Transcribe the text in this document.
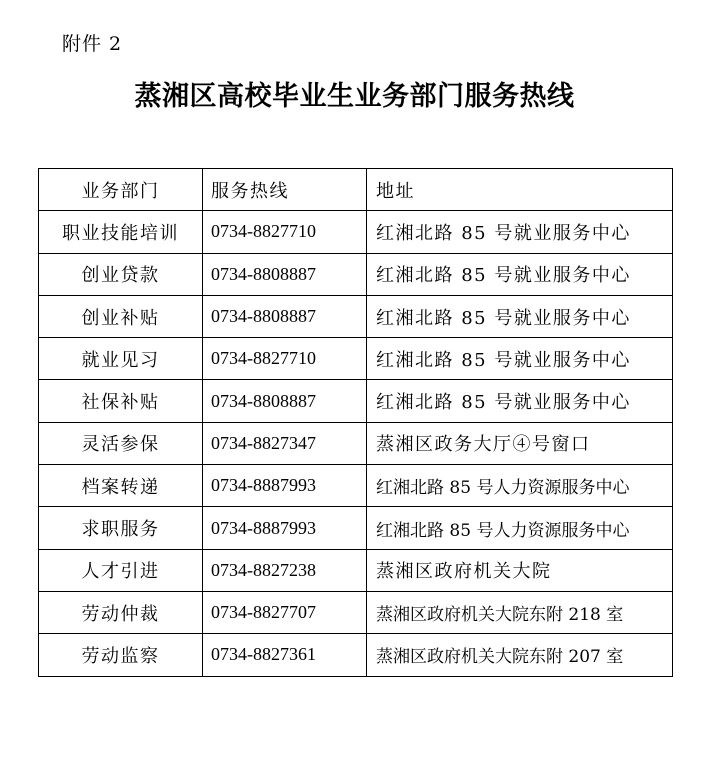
附件 2
蒸湘区高校毕业生业务部门服务热线
业务部门	服务热线	地址
职业技能培训	0734-8827710	红湘北路 85 号就业服务中心
创业贷款	0734-8808887	红湘北路 85 号就业服务中心
创业补贴	0734-8808887	红湘北路 85 号就业服务中心
就业见习	0734-8827710	红湘北路 85 号就业服务中心
社保补贴	0734-8808887	红湘北路 85 号就业服务中心
灵活参保	0734-8827347	蒸湘区政务大厅④号窗口
档案转递	0734-8887993	红湘北路 85 号人力资源服务中心
求职服务	0734-8887993	红湘北路 85 号人力资源服务中心
人才引进	0734-8827238	蒸湘区政府机关大院
劳动仲裁	0734-8827707	蒸湘区政府机关大院东附 218 室
劳动监察	0734-8827361	蒸湘区政府机关大院东附 207 室
